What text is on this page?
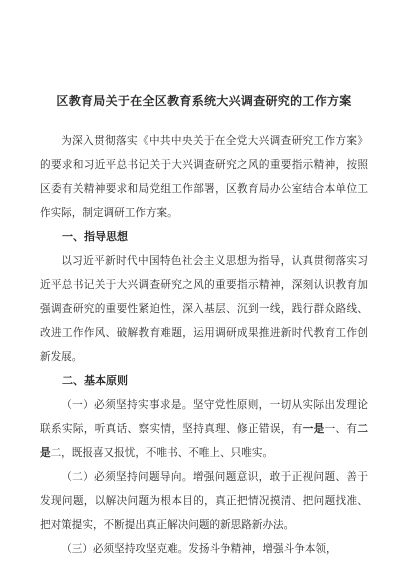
区教育局关于在全区教育系统大兴调查研究的工作方案

为深入贯彻落实《中共中央关于在全党大兴调查研究工作方案》的要求和习近平总书记关于大兴调查研究之风的重要指示精神，按照区委有关精神要求和局党组工作部署，区教育局办公室结合本单位工作实际，制定调研工作方案。

一、指导思想

以习近平新时代中国特色社会主义思想为指导，认真贯彻落实习近平总书记关于大兴调查研究之风的重要指示精神，深刻认识教育加强调查研究的重要性紧迫性，深入基层、沉到一线，践行群众路线、改进工作作风、破解教育难题，运用调研成果推进新时代教育工作创新发展。

二、基本原则

（一）必须坚持实事求是。坚守党性原则，一切从实际出发理论联系实际，听真话、察实情，坚持真理、修正错误，有一是一、有二是二，既报喜又报忧，不唯书、不唯上、只唯实。

（二）必须坚持问题导向。增强问题意识，敢于正视问题、善于发现问题，以解决问题为根本目的，真正把情况摸清、把问题找准、把对策提实，不断提出真正解决问题的新思路新办法。

（三）必须坚持攻坚克难。发扬斗争精神，增强斗争本领，
